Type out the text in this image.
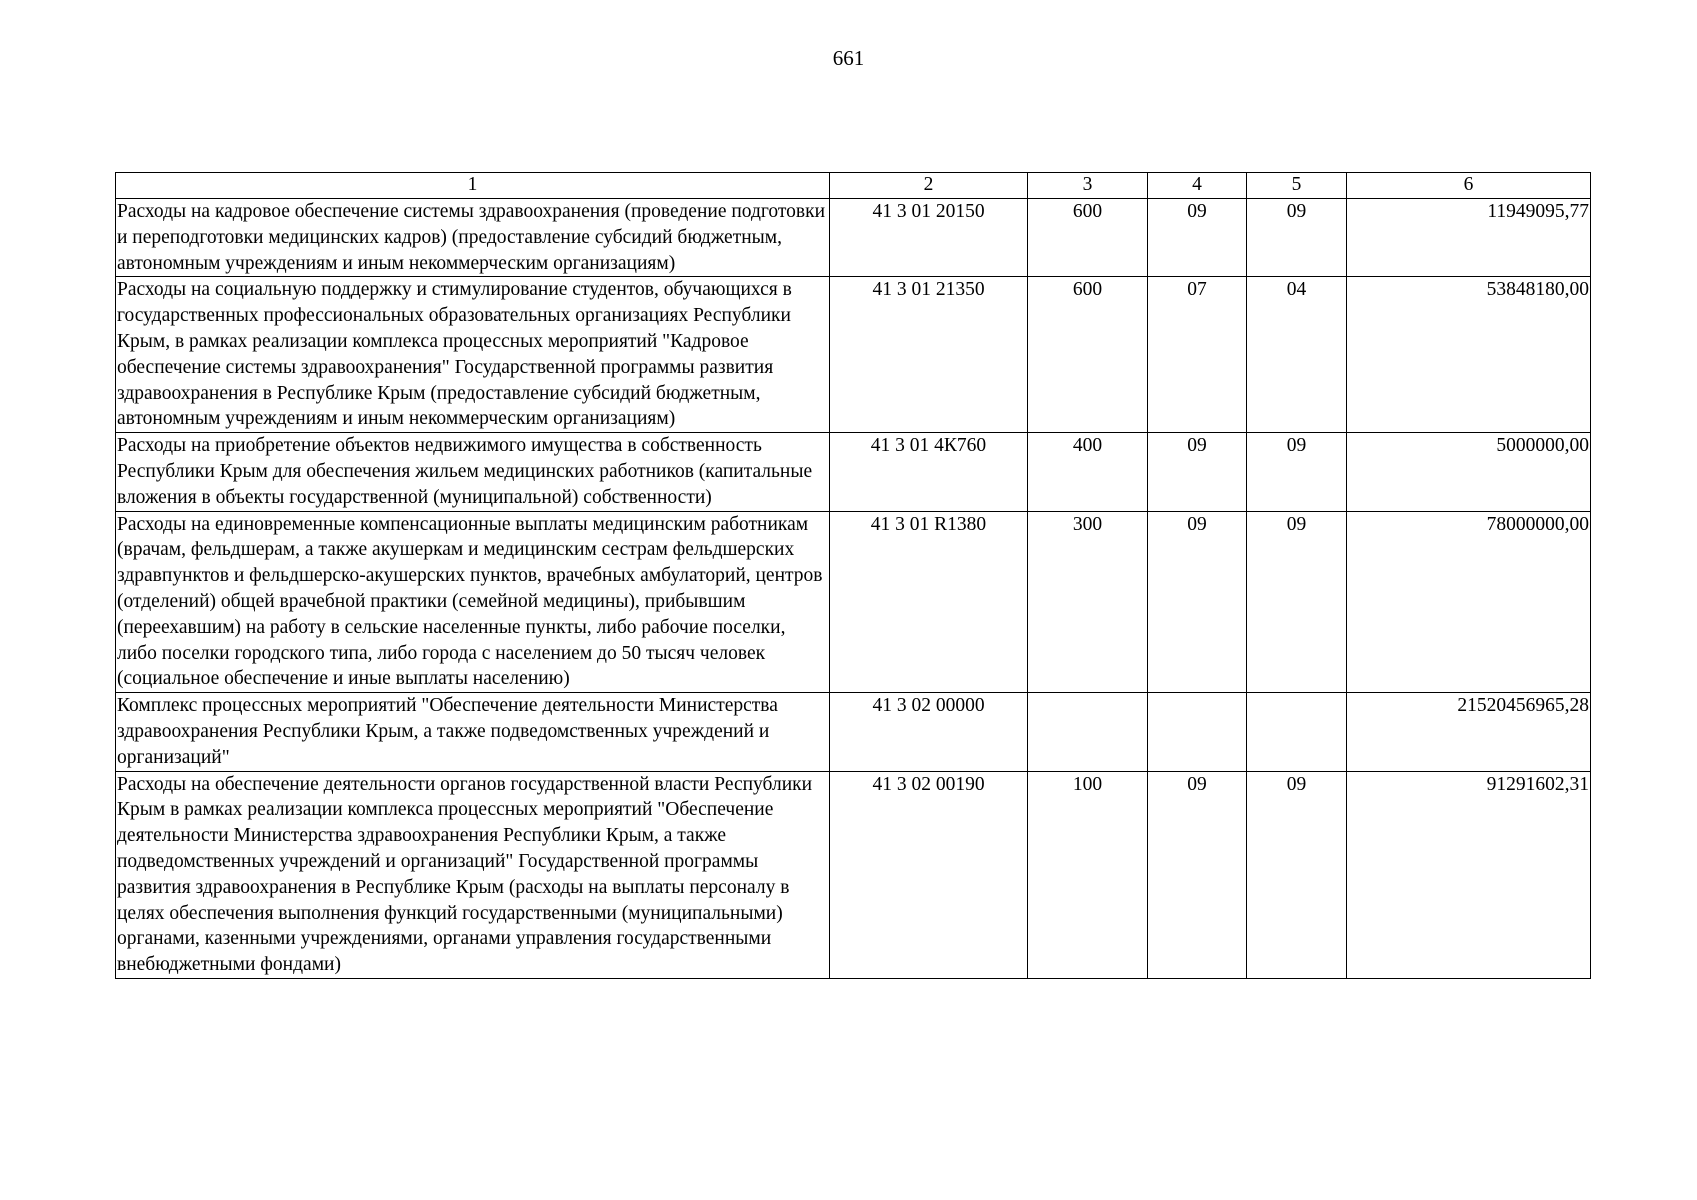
661
1	2	3	4	5	6
Расходы на кадровое обеспечение системы здравоохранения (проведение подготовки и переподготовки медицинских кадров) (предоставление субсидий бюджетным, автономным учреждениям и иным некоммерческим организациям)	41 3 01 20150	600	09	09	11949095,77
Расходы на социальную поддержку и стимулирование студентов, обучающихся в государственных профессиональных образовательных организациях Республики Крым, в рамках реализации комплекса процессных мероприятий "Кадровое обеспечение системы здравоохранения" Государственной программы развития здравоохранения в Республике Крым (предоставление субсидий бюджетным, автономным учреждениям и иным некоммерческим организациям)	41 3 01 21350	600	07	04	53848180,00
Расходы на приобретение объектов недвижимого имущества в собственность Республики Крым для обеспечения жильем медицинских работников (капитальные вложения в объекты государственной (муниципальной) собственности)	41 3 01 4К760	400	09	09	5000000,00
Расходы на единовременные компенсационные выплаты медицинским работникам (врачам, фельдшерам, а также акушеркам и медицинским сестрам фельдшерских здравпунктов и фельдшерско-акушерских пунктов, врачебных амбулаторий, центров (отделений) общей врачебной практики (семейной медицины), прибывшим (переехавшим) на работу в сельские населенные пункты, либо рабочие поселки, либо поселки городского типа, либо города с населением до 50 тысяч человек (социальное обеспечение и иные выплаты населению)	41 3 01 R1380	300	09	09	78000000,00
Комплекс процессных мероприятий "Обеспечение деятельности Министерства здравоохранения Республики Крым, а также подведомственных учреждений и организаций"	41 3 02 00000				21520456965,28
Расходы на обеспечение деятельности органов государственной власти Республики Крым в рамках реализации комплекса процессных мероприятий "Обеспечение деятельности Министерства здравоохранения Республики Крым, а также подведомственных учреждений и организаций" Государственной программы развития здравоохранения в Республике Крым (расходы на выплаты персоналу в целях обеспечения выполнения функций государственными (муниципальными) органами, казенными учреждениями, органами управления государственными внебюджетными фондами)	41 3 02 00190	100	09	09	91291602,31
